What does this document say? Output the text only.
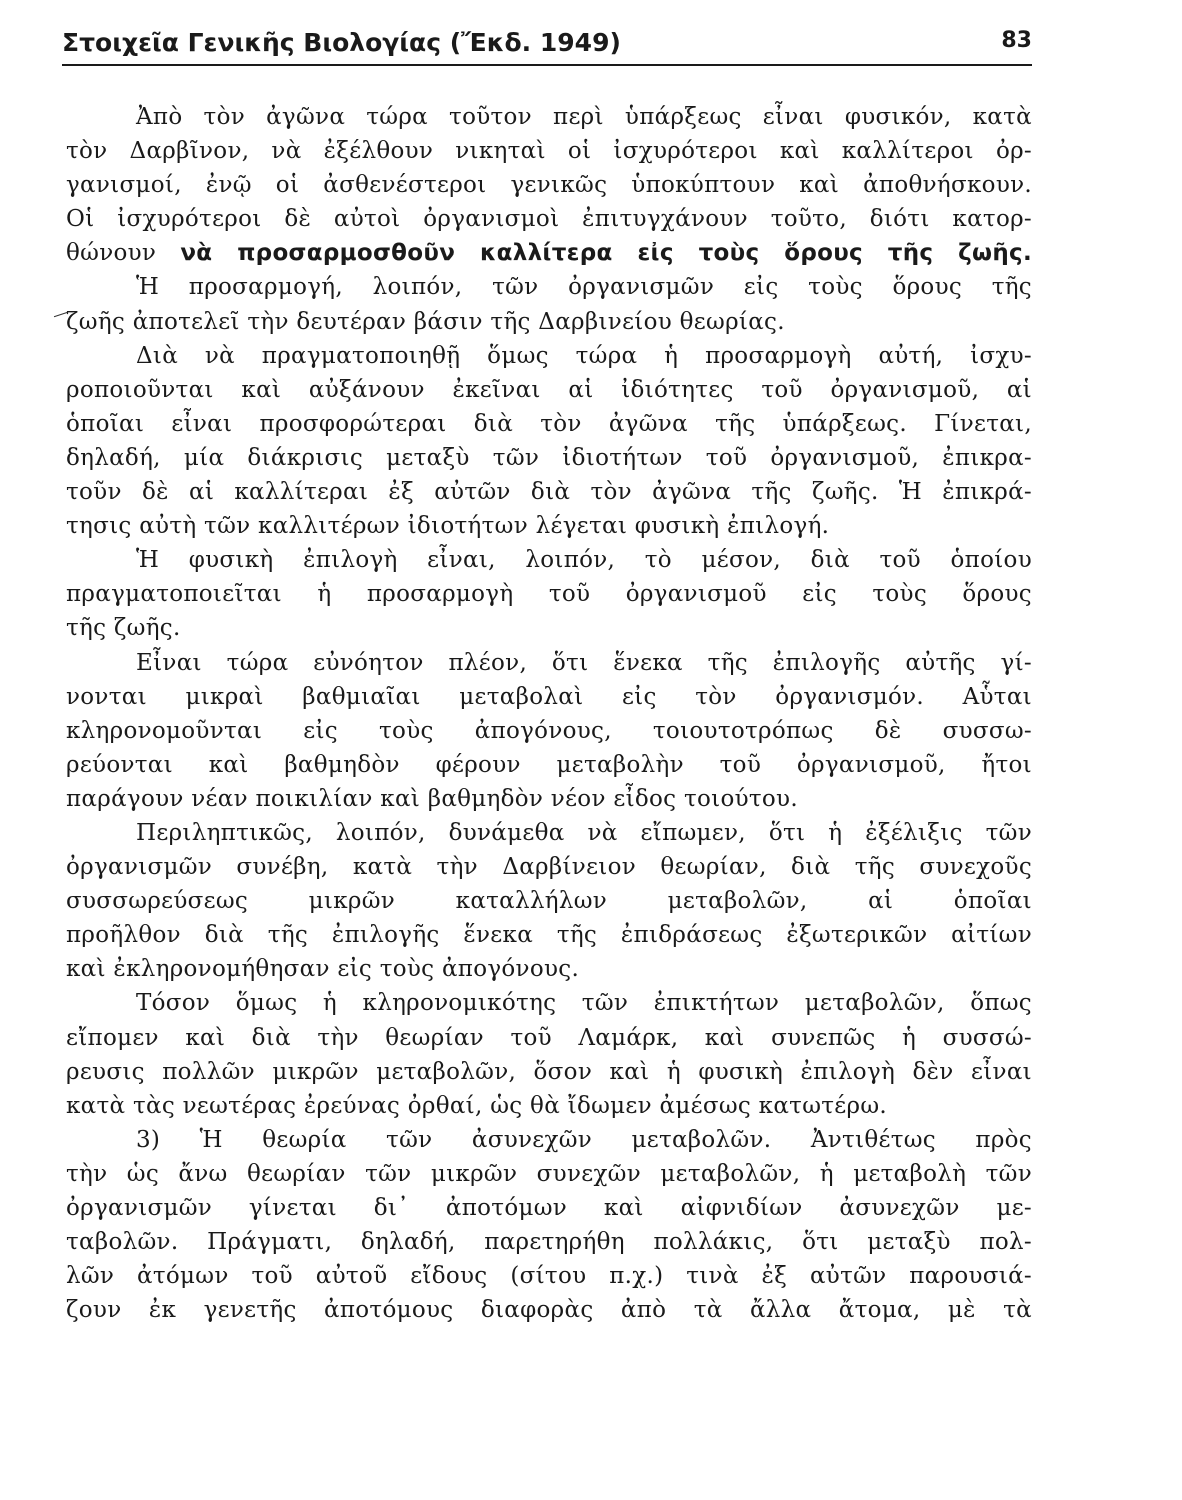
Στοιχεῖα Γενικῆς Βιολογίας (Ἔκδ. 1949)	83
Ἀπὸ τὸν ἀγῶνα τώρα τοῦτον περὶ ὑπάρξεως εἶναι φυσικόν, κατὰ
τὸν Δαρβῖνον, νὰ ἐξέλθουν νικηταὶ οἱ ἰσχυρότεροι καὶ καλλίτεροι ὀρ-
γανισμοί, ἐνῷ οἱ ἀσθενέστεροι γενικῶς ὑποκύπτουν καὶ ἀποθνήσκουν.
Οἱ ἰσχυρότεροι δὲ αὐτοὶ ὀργανισμοὶ ἐπιτυγχάνουν τοῦτο, διότι κατορ-
θώνουν νὰ προσαρμοσθοῦν καλλίτερα εἰς τοὺς ὅρους τῆς ζωῆς.
Ἡ προσαρμογή, λοιπόν, τῶν ὀργανισμῶν εἰς τοὺς ὅρους τῆς
ζωῆς ἀποτελεῖ τὴν δευτέραν βάσιν τῆς Δαρβινείου θεωρίας.
Διὰ νὰ πραγματοποιηθῇ ὅμως τώρα ἡ προσαρμογὴ αὐτή, ἰσχυ-
ροποιοῦνται καὶ αὐξάνουν ἐκεῖναι αἱ ἰδιότητες τοῦ ὀργανισμοῦ, αἱ
ὁποῖαι εἶναι προσφορώτεραι διὰ τὸν ἀγῶνα τῆς ὑπάρξεως. Γίνεται,
δηλαδή, μία διάκρισις μεταξὺ τῶν ἰδιοτήτων τοῦ ὀργανισμοῦ, ἐπικρα-
τοῦν δὲ αἱ καλλίτεραι ἐξ αὐτῶν διὰ τὸν ἀγῶνα τῆς ζωῆς. Ἡ ἐπικρά-
τησις αὐτὴ τῶν καλλιτέρων ἰδιοτήτων λέγεται φυσικὴ ἐπιλογή.
Ἡ φυσικὴ ἐπιλογὴ εἶναι, λοιπόν, τὸ μέσον, διὰ τοῦ ὁποίου
πραγματοποιεῖται ἡ προσαρμογὴ τοῦ ὀργανισμοῦ εἰς τοὺς ὅρους
τῆς ζωῆς.
Εἶναι τώρα εὐνόητον πλέον, ὅτι ἕνεκα τῆς ἐπιλογῆς αὐτῆς γί-
νονται μικραὶ βαθμιαῖαι μεταβολαὶ εἰς τὸν ὀργανισμόν. Αὗται
κληρονομοῦνται εἰς τοὺς ἀπογόνους, τοιουτοτρόπως δὲ συσσω-
ρεύονται καὶ βαθμηδὸν φέρουν μεταβολὴν τοῦ ὀργανισμοῦ, ἤτοι
παράγουν νέαν ποικιλίαν καὶ βαθμηδὸν νέον εἶδος τοιούτου.
Περιληπτικῶς, λοιπόν, δυνάμεθα νὰ εἴπωμεν, ὅτι ἡ ἐξέλιξις τῶν
ὀργανισμῶν συνέβη, κατὰ τὴν Δαρβίνειον θεωρίαν, διὰ τῆς συνεχοῦς
συσσωρεύσεως μικρῶν καταλλήλων μεταβολῶν, αἱ ὁποῖαι
προῆλθον διὰ τῆς ἐπιλογῆς ἕνεκα τῆς ἐπιδράσεως ἐξωτερικῶν αἰτίων
καὶ ἐκληρονομήθησαν εἰς τοὺς ἀπογόνους.
Τόσον ὅμως ἡ κληρονομικότης τῶν ἐπικτήτων μεταβολῶν, ὅπως
εἴπομεν καὶ διὰ τὴν θεωρίαν τοῦ Λαμάρκ, καὶ συνεπῶς ἡ συσσώ-
ρευσις πολλῶν μικρῶν μεταβολῶν, ὅσον καὶ ἡ φυσικὴ ἐπιλογὴ δὲν εἶναι
κατὰ τὰς νεωτέρας ἐρεύνας ὀρθαί, ὡς θὰ ἴδωμεν ἀμέσως κατωτέρω.
3) Ἡ θεωρία τῶν ἀσυνεχῶν μεταβολῶν. Ἀντιθέτως πρὸς
τὴν ὡς ἄνω θεωρίαν τῶν μικρῶν συνεχῶν μεταβολῶν, ἡ μεταβολὴ τῶν
ὀργανισμῶν γίνεται δι᾽ ἀποτόμων καὶ αἰφνιδίων ἀσυνεχῶν με-
ταβολῶν. Πράγματι, δηλαδή, παρετηρήθη πολλάκις, ὅτι μεταξὺ πολ-
λῶν ἀτόμων τοῦ αὐτοῦ εἴδους (σίτου π.χ.) τινὰ ἐξ αὐτῶν παρουσιά-
ζουν ἐκ γενετῆς ἀποτόμους διαφορὰς ἀπὸ τὰ ἄλλα ἄτομα, μὲ τὰ
